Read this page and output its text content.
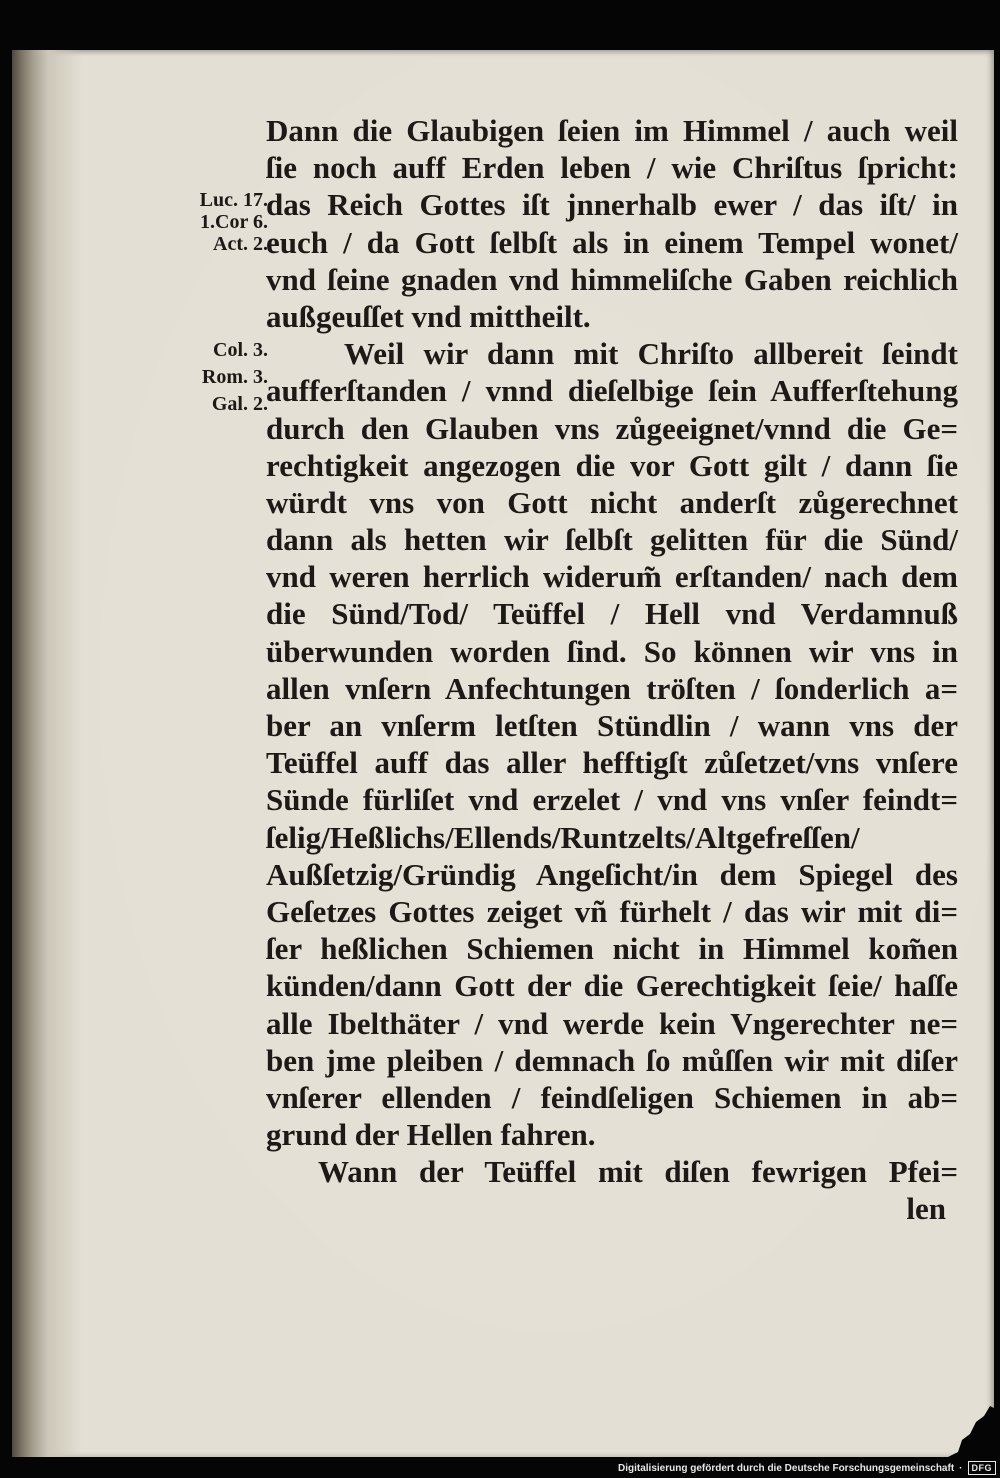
Luc. 17.
1.Cor 6.
Act. 2.
Col. 3.
Rom. 3.
Gal. 2.
Dann die Glaubigen ſeien im Himmel / auch weil
ſie noch auff Erden leben / wie Chriſtus ſpricht:
das Reich Gottes iſt jnnerhalb ewer / das iſt/ in
euch / da Gott ſelbſt als in einem Tempel wonet/
vnd ſeine gnaden vnd himmeliſche Gaben reichlich
außgeuſſet vnd mittheilt.
Weil wir dann mit Chriſto allbereit ſeindt
aufferſtanden / vnnd dieſelbige ſein Aufferſtehung
durch den Glauben vns zůgeeignet/vnnd die Ge=
rechtigkeit angezogen die vor Gott gilt / dann ſie
würdt vns von Gott nicht anderſt zůgerechnet
dann als hetten wir ſelbſt gelitten für die Sünd/
vnd weren herrlich widerum̃ erſtanden/ nach dem
die Sünd/Tod/ Teüffel / Hell vnd Verdamnuß
überwunden worden ſind. So können wir vns in
allen vnſern Anfechtungen tröſten / ſonderlich a=
ber an vnſerm letſten Stündlin / wann vns der
Teüffel auff das aller hefftigſt zůſetzet/vns vnſere
Sünde fürliſet vnd erzelet / vnd vns vnſer feindt=
ſelig/Heßlichs/Ellends/Runtzelts/Altgefreſſen/
Außſetzig/Gründig Angeſicht/in dem Spiegel des
Geſetzes Gottes zeiget vñ fürhelt / das wir mit di=
ſer heßlichen Schiemen nicht in Himmel kom̃en
künden/dann Gott der die Gerechtigkeit ſeie/ haſſe
alle Ibelthäter / vnd werde kein Vngerechter ne=
ben jme pleiben / demnach ſo můſſen wir mit diſer
vnſerer ellenden / feindſeligen Schiemen in ab=
grund der Hellen fahren.
Wann der Teüffel mit diſen fewrigen Pfei=
len
Digitalisierung gefördert durch die Deutsche Forschungsgemeinschaft ·	DFG
